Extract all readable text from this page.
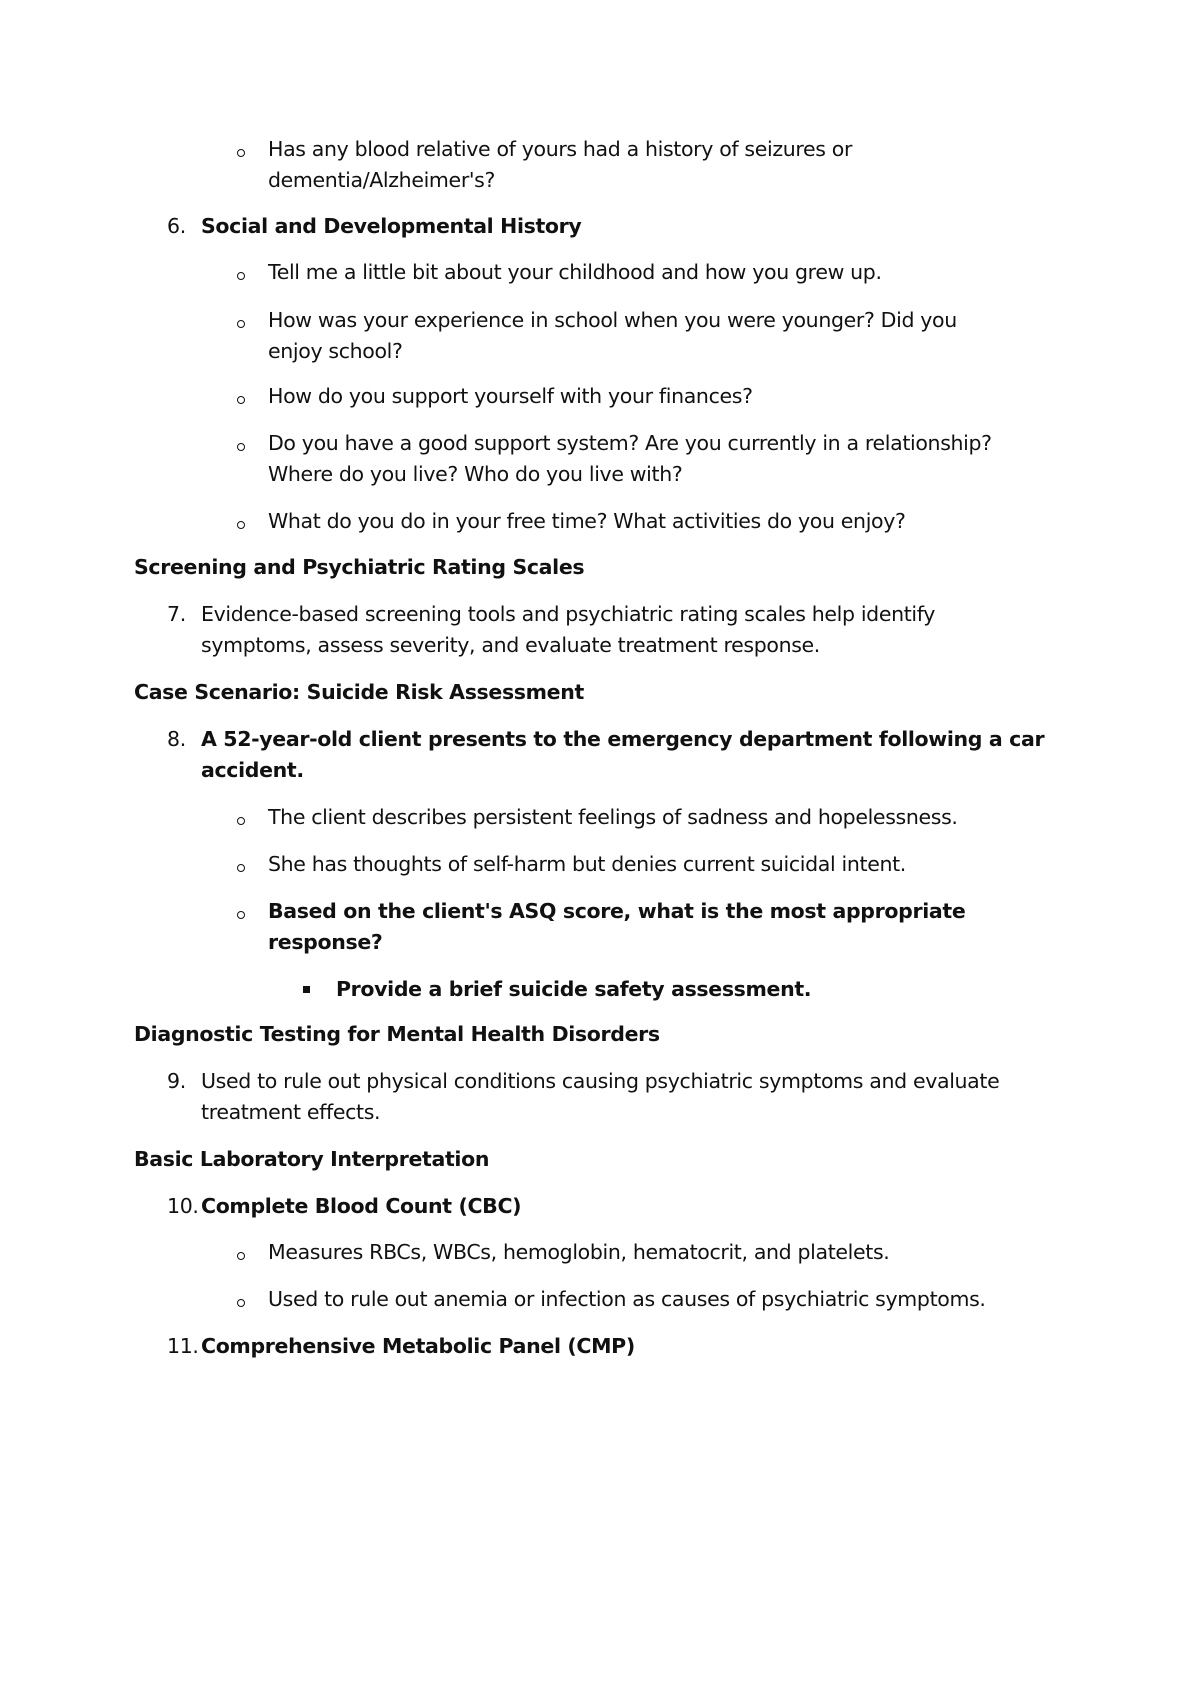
Has any blood relative of yours had a history of seizures or
dementia/Alzheimer's?
6. Social and Developmental History
Tell me a little bit about your childhood and how you grew up.
How was your experience in school when you were younger? Did you
enjoy school?
How do you support yourself with your finances?
Do you have a good support system? Are you currently in a relationship?
Where do you live? Who do you live with?
What do you do in your free time? What activities do you enjoy?
Screening and Psychiatric Rating Scales
7. Evidence-based screening tools and psychiatric rating scales help identify
symptoms, assess severity, and evaluate treatment response.
Case Scenario: Suicide Risk Assessment
8. A 52-year-old client presents to the emergency department following a car
accident.
The client describes persistent feelings of sadness and hopelessness.
She has thoughts of self-harm but denies current suicidal intent.
Based on the client's ASQ score, what is the most appropriate
response?
Provide a brief suicide safety assessment.
Diagnostic Testing for Mental Health Disorders
9. Used to rule out physical conditions causing psychiatric symptoms and evaluate
treatment effects.
Basic Laboratory Interpretation
10. Complete Blood Count (CBC)
Measures RBCs, WBCs, hemoglobin, hematocrit, and platelets.
Used to rule out anemia or infection as causes of psychiatric symptoms.
11. Comprehensive Metabolic Panel (CMP)
